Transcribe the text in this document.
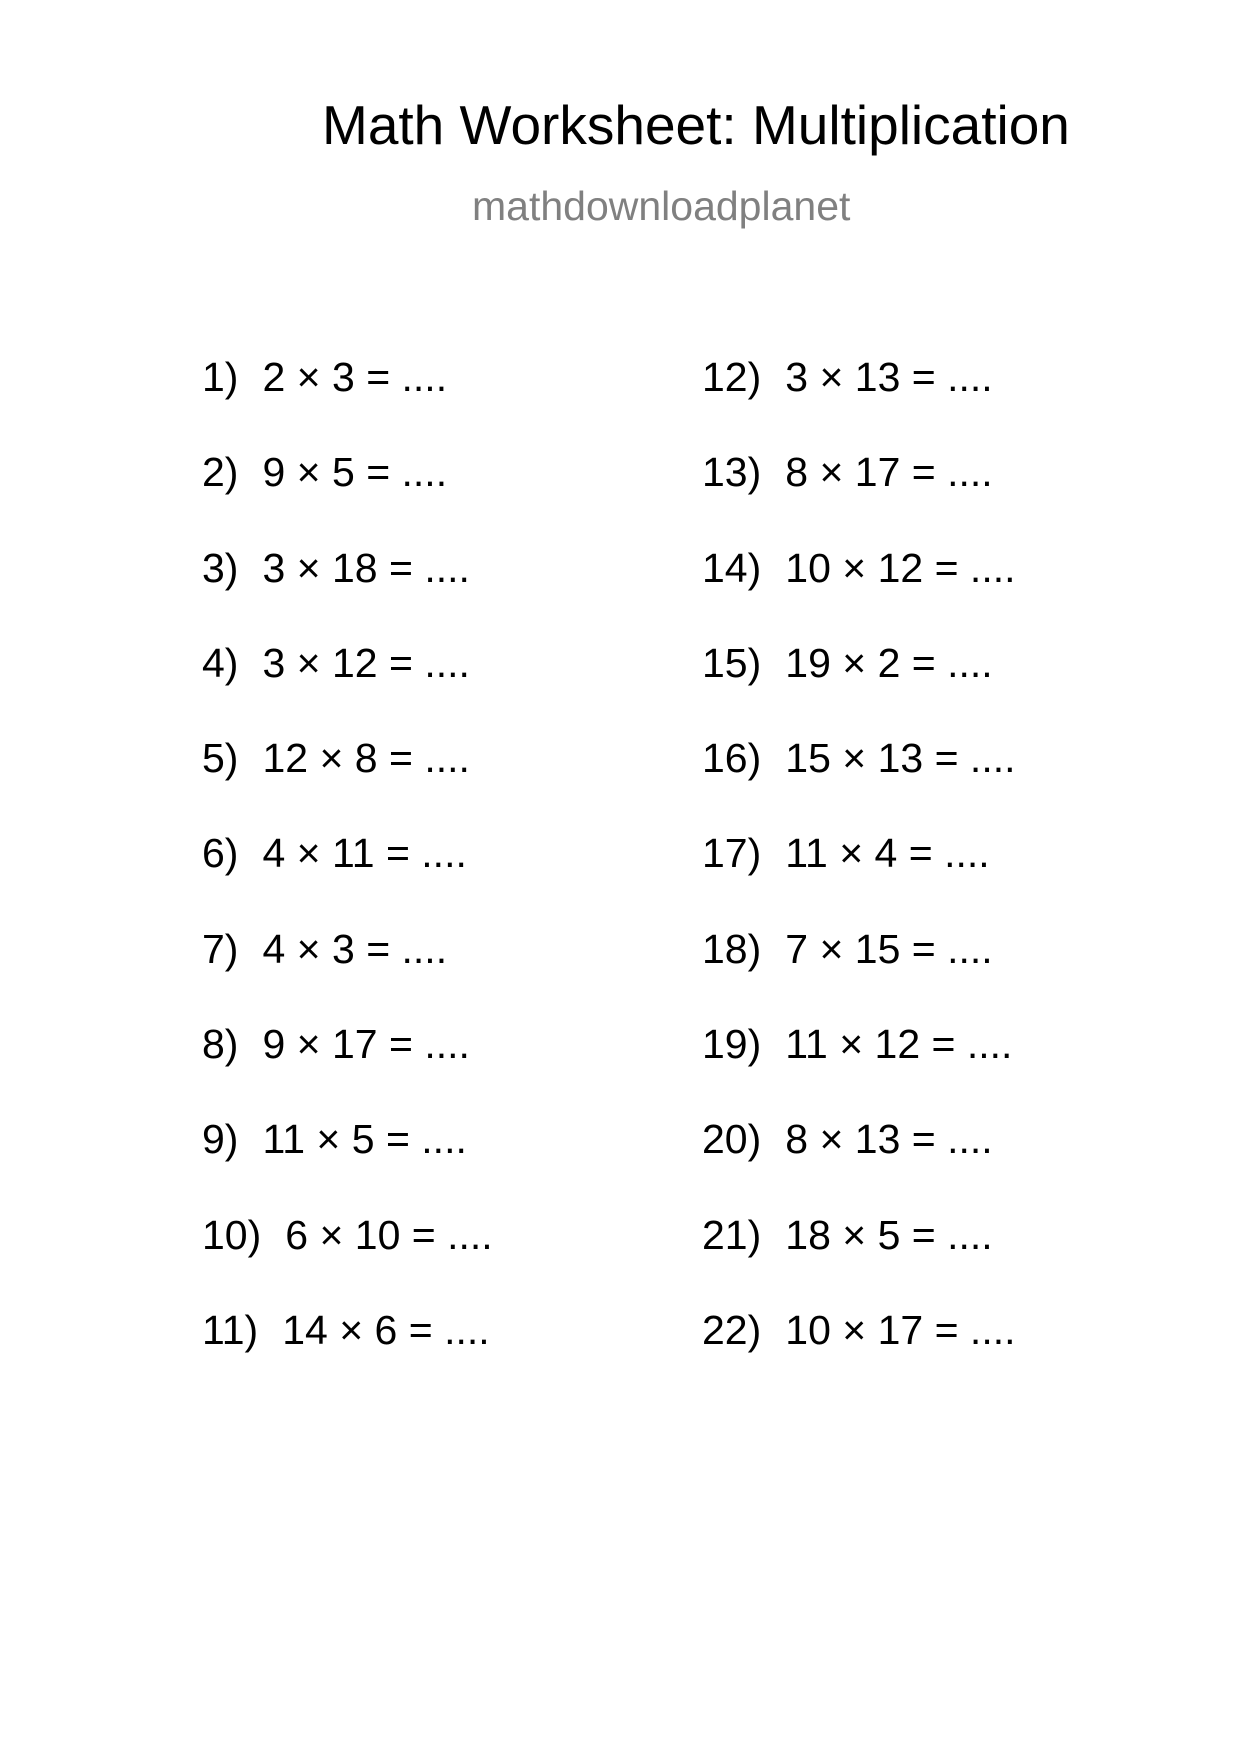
Math Worksheet: Multiplication
mathdownloadplanet
1) 2 × 3 = ....
2) 9 × 5 = ....
3) 3 × 18 = ....
4) 3 × 12 = ....
5) 12 × 8 = ....
6) 4 × 11 = ....
7) 4 × 3 = ....
8) 9 × 17 = ....
9) 11 × 5 = ....
10) 6 × 10 = ....
11) 14 × 6 = ....
12) 3 × 13 = ....
13) 8 × 17 = ....
14) 10 × 12 = ....
15) 19 × 2 = ....
16) 15 × 13 = ....
17) 11 × 4 = ....
18) 7 × 15 = ....
19) 11 × 12 = ....
20) 8 × 13 = ....
21) 18 × 5 = ....
22) 10 × 17 = ....
